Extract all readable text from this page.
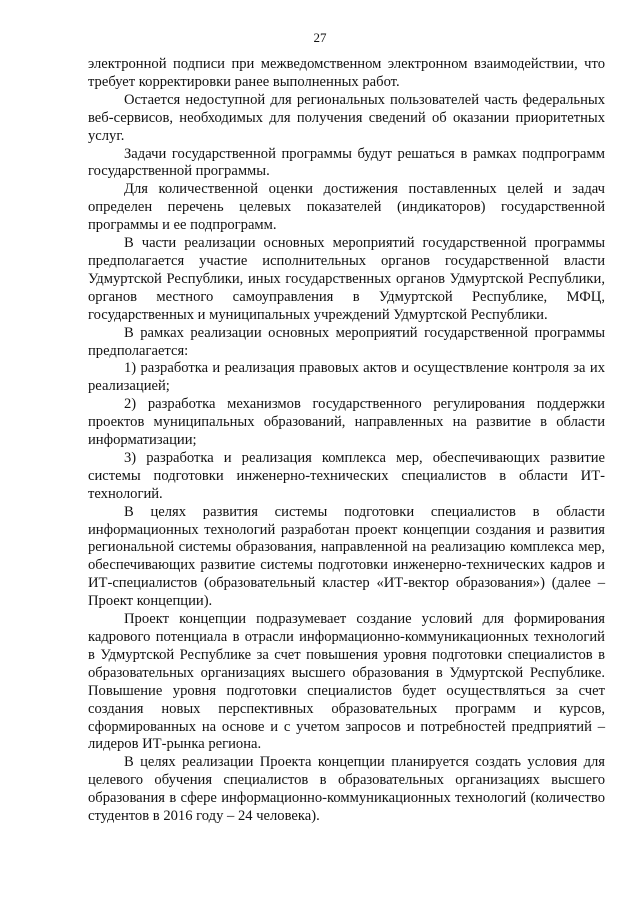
27

электронной подписи при межведомственном электронном взаимодействии, что требует корректировки ранее выполненных работ.

Остается недоступной для региональных пользователей часть федеральных веб-сервисов, необходимых для получения сведений об оказании приоритетных услуг.

Задачи государственной программы будут решаться в рамках подпрограмм государственной программы.

Для количественной оценки достижения поставленных целей и задач определен перечень целевых показателей (индикаторов) государственной программы и ее подпрограмм.

В части реализации основных мероприятий государственной программы предполагается участие исполнительных органов государственной власти Удмуртской Республики, иных государственных органов Удмуртской Республики, органов местного самоуправления в Удмуртской Республике, МФЦ, государственных и муниципальных учреждений Удмуртской Республики.

В рамках реализации основных мероприятий государственной программы предполагается:

1) разработка и реализация правовых актов и осуществление контроля за их реализацией;

2) разработка механизмов государственного регулирования поддержки проектов муниципальных образований, направленных на развитие в области информатизации;

3) разработка и реализация комплекса мер, обеспечивающих развитие системы подготовки инженерно-технических специалистов в области ИТ-технологий.

В целях развития системы подготовки специалистов в области информационных технологий разработан проект концепции создания и развития региональной системы образования, направленной на реализацию комплекса мер, обеспечивающих развитие системы подготовки инженерно-технических кадров и ИТ-специалистов (образовательный кластер «ИТ-вектор образования») (далее – Проект концепции).

Проект концепции подразумевает создание условий для формирования кадрового потенциала в отрасли информационно-коммуникационных технологий в Удмуртской Республике за счет повышения уровня подготовки специалистов в образовательных организациях высшего образования в Удмуртской Республике. Повышение уровня подготовки специалистов будет осуществляться за счет создания новых перспективных образовательных программ и курсов, сформированных на основе и с учетом запросов и потребностей предприятий – лидеров ИТ-рынка региона.

В целях реализации Проекта концепции планируется создать условия для целевого обучения специалистов в образовательных организациях высшего образования в сфере информационно-коммуникационных технологий (количество студентов в 2016 году – 24 человека).
